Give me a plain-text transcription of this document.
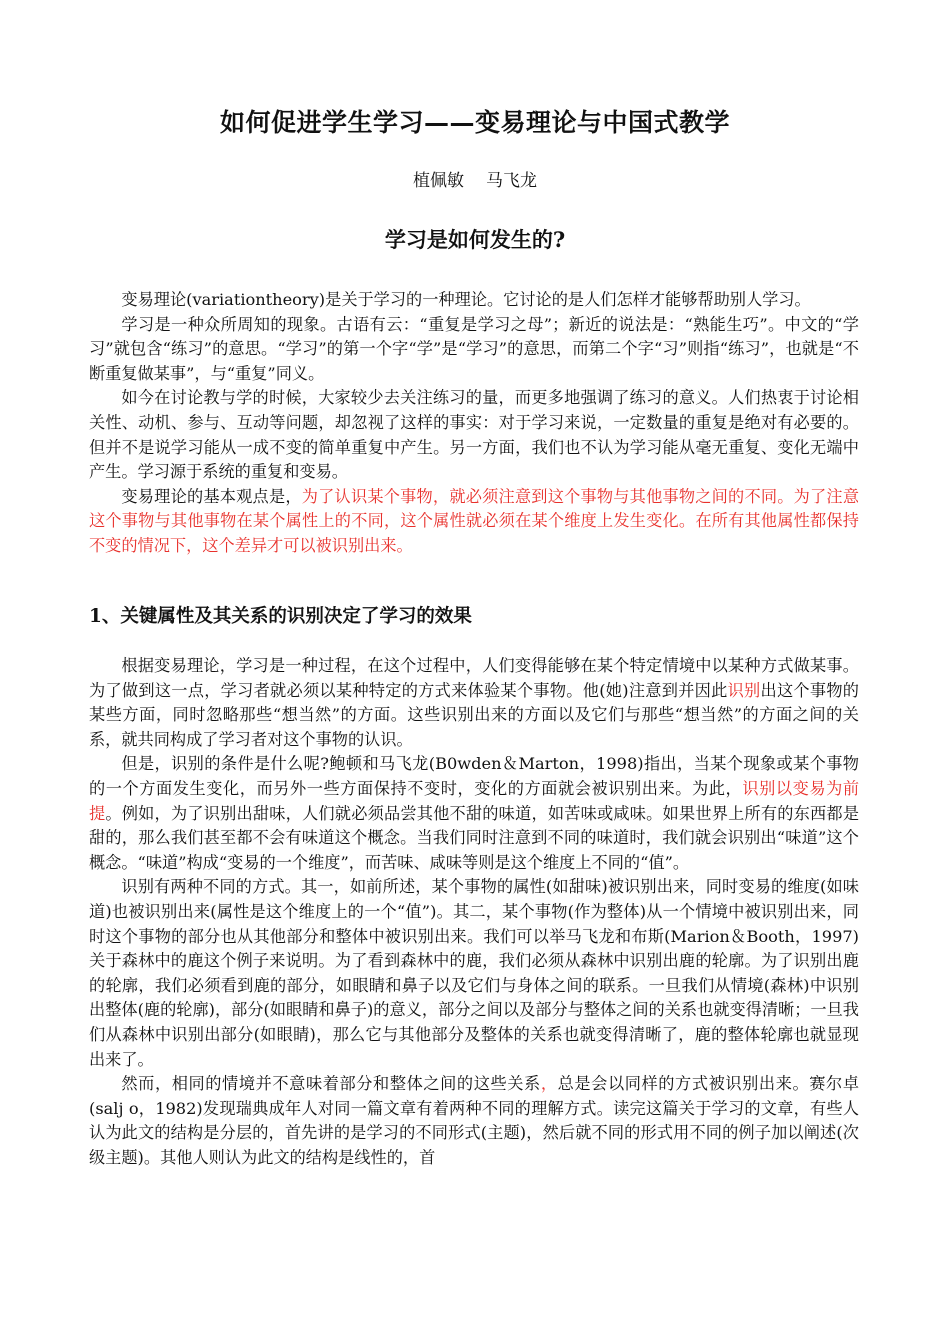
如何促进学生学习——变易理论与中国式教学
植佩敏 马飞龙
学习是如何发生的?

变易理论(variationtheory)是关于学习的一种理论。它讨论的是人们怎样才能够帮助别人学习。

学习是一种众所周知的现象。古语有云：“重复是学习之母”；新近的说法是：“熟能生巧”。中文的“学习”就包含“练习”的意思。“学习”的第一个字“学”是“学习”的意思，而第二个字“习”则指“练习”，也就是“不断重复做某事”，与“重复”同义。

如今在讨论教与学的时候，大家较少去关注练习的量，而更多地强调了练习的意义。人们热衷于讨论相关性、动机、参与、互动等问题，却忽视了这样的事实：对于学习来说，一定数量的重复是绝对有必要的。但并不是说学习能从一成不变的简单重复中产生。另一方面，我们也不认为学习能从毫无重复、变化无端中产生。学习源于系统的重复和变易。

变易理论的基本观点是，为了认识某个事物，就必须注意到这个事物与其他事物之间的不同。为了注意这个事物与其他事物在某个属性上的不同，这个属性就必须在某个维度上发生变化。在所有其他属性都保持不变的情况下，这个差异才可以被识别出来。

1、关键属性及其关系的识别决定了学习的效果

根据变易理论，学习是一种过程，在这个过程中，人们变得能够在某个特定情境中以某种方式做某事。为了做到这一点，学习者就必须以某种特定的方式来体验某个事物。他(她)注意到并因此识别出这个事物的某些方面，同时忽略那些“想当然”的方面。这些识别出来的方面以及它们与那些“想当然”的方面之间的关系，就共同构成了学习者对这个事物的认识。

但是，识别的条件是什么呢?鲍顿和马飞龙(B0wden＆Marton，1998)指出，当某个现象或某个事物的一个方面发生变化，而另外一些方面保持不变时，变化的方面就会被识别出来。为此，识别以变易为前提。例如，为了识别出甜味，人们就必须品尝其他不甜的味道，如苦味或咸味。如果世界上所有的东西都是甜的，那么我们甚至都不会有味道这个概念。当我们同时注意到不同的味道时，我们就会识别出“味道”这个概念。“味道”构成“变易的一个维度”，而苦味、咸味等则是这个维度上不同的“值”。

识别有两种不同的方式。其一，如前所述，某个事物的属性(如甜味)被识别出来，同时变易的维度(如味道)也被识别出来(属性是这个维度上的一个“值”)。其二，某个事物(作为整体)从一个情境中被识别出来，同时这个事物的部分也从其他部分和整体中被识别出来。我们可以举马飞龙和布斯(Marion＆Booth，1997)关于森林中的鹿这个例子来说明。为了看到森林中的鹿，我们必须从森林中识别出鹿的轮廓。为了识别出鹿的轮廓，我们必须看到鹿的部分，如眼睛和鼻子以及它们与身体之间的联系。一旦我们从情境(森林)中识别出整体(鹿的轮廓)，部分(如眼睛和鼻子)的意义，部分之间以及部分与整体之间的关系也就变得清晰；一旦我们从森林中识别出部分(如眼睛)，那么它与其他部分及整体的关系也就变得清晰了，鹿的整体轮廓也就显现出来了。

然而，相同的情境并不意味着部分和整体之间的这些关系，总是会以同样的方式被识别出来。赛尔卓(salj o，1982)发现瑞典成年人对同一篇文章有着两种不同的理解方式。读完这篇关于学习的文章，有些人认为此文的结构是分层的，首先讲的是学习的不同形式(主题)，然后就不同的形式用不同的例子加以阐述(次级主题)。其他人则认为此文的结构是线性的，首
